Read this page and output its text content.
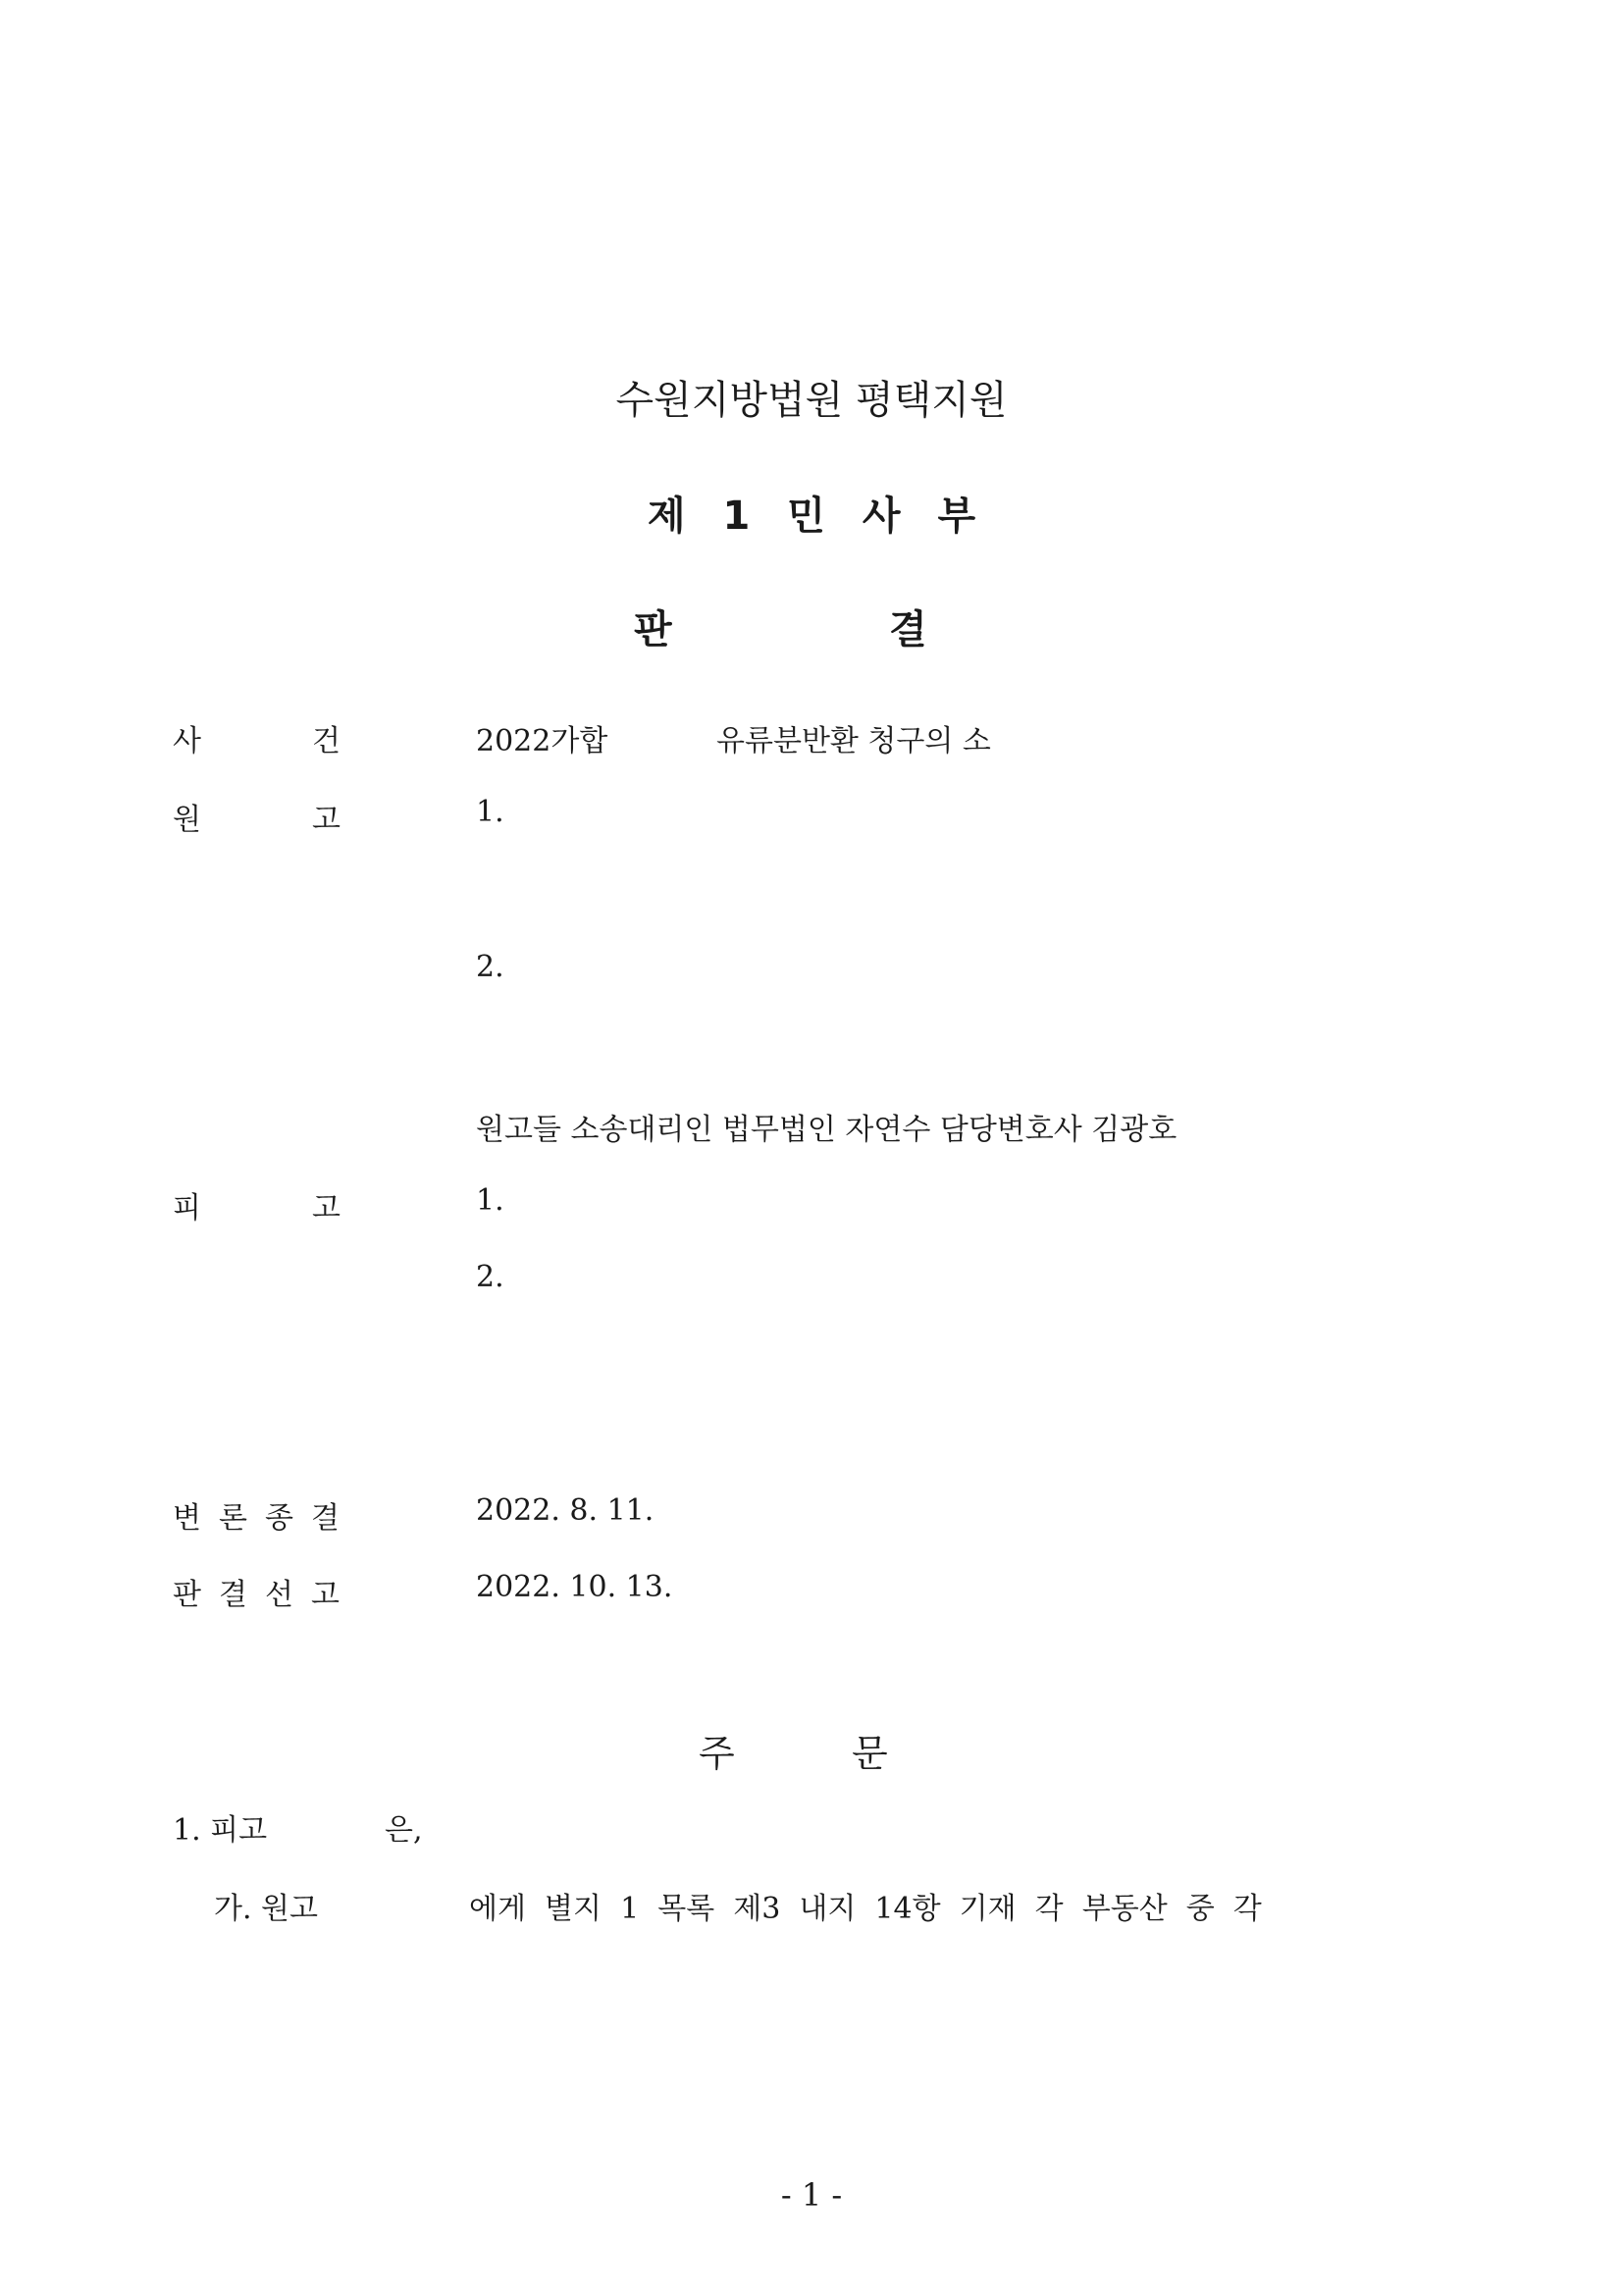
수원지방법원 평택지원
제 1 민 사 부
판	결
사	건	2022가합	유류분반환 청구의 소
원	고	1.
2.
원고들 소송대리인 법무법인 자연수 담당변호사 김광호
피	고	1.
2.
변론종결	2022. 8. 11.
판결선고	2022. 10. 13.
주	문
1. 피고	은,
가. 원고	에게  별지  1  목록  제3  내지  14항  기재  각  부동산  중  각
- 1 -
